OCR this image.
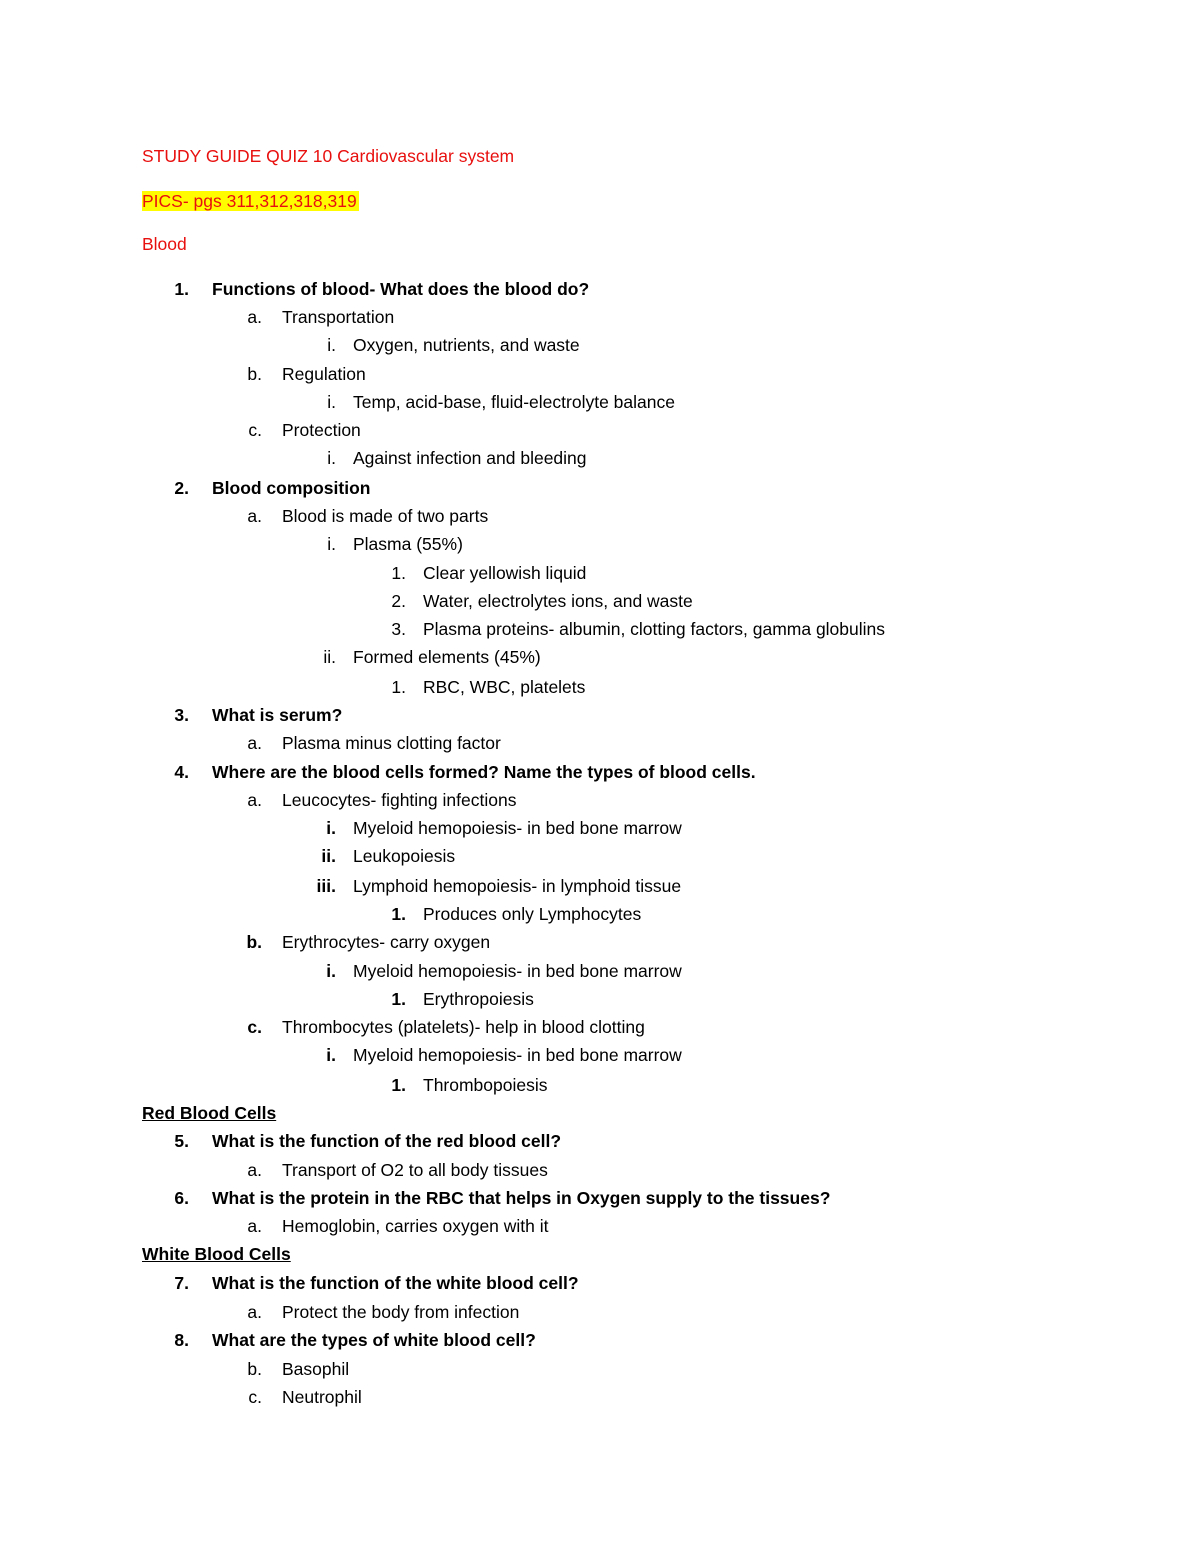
STUDY GUIDE QUIZ 10 Cardiovascular system
PICS- pgs 311,312,318,319
Blood
1. Functions of blood- What does the blood do?
a. Transportation
i. Oxygen, nutrients, and waste
b. Regulation
i. Temp, acid-base, fluid-electrolyte balance
c. Protection
i. Against infection and bleeding
2. Blood composition
a. Blood is made of two parts
i. Plasma (55%)
1. Clear yellowish liquid
2. Water, electrolytes ions, and waste
3. Plasma proteins- albumin, clotting factors, gamma globulins
ii. Formed elements (45%)
1. RBC, WBC, platelets
3. What is serum?
a. Plasma minus clotting factor
4. Where are the blood cells formed? Name the types of blood cells.
a. Leucocytes- fighting infections
i. Myeloid hemopoiesis- in bed bone marrow
ii. Leukopoiesis
iii. Lymphoid hemopoiesis- in lymphoid tissue
1. Produces only Lymphocytes
b. Erythrocytes- carry oxygen
i. Myeloid hemopoiesis- in bed bone marrow
1. Erythropoiesis
c. Thrombocytes (platelets)- help in blood clotting
i. Myeloid hemopoiesis- in bed bone marrow
1. Thrombopoiesis
Red Blood Cells
5. What is the function of the red blood cell?
a. Transport of O2 to all body tissues
6. What is the protein in the RBC that helps in Oxygen supply to the tissues?
a. Hemoglobin, carries oxygen with it
White Blood Cells
7. What is the function of the white blood cell?
a. Protect the body from infection
8. What are the types of white blood cell?
b. Basophil
c. Neutrophil
